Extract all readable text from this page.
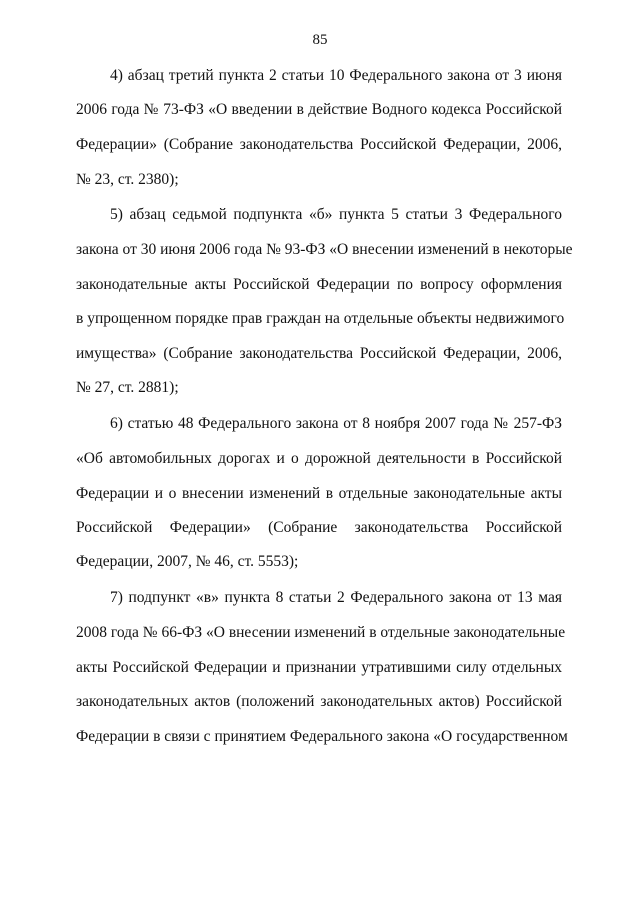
85
4) абзац третий пункта 2 статьи 10 Федерального закона от 3 июня
2006 года № 73-ФЗ «О введении в действие Водного кодекса Российской
Федерации» (Собрание законодательства Российской Федерации, 2006,
№ 23, ст. 2380);
5) абзац седьмой подпункта «б» пункта 5 статьи 3 Федерального
закона от 30 июня 2006 года № 93-ФЗ «О внесении изменений в некоторые
законодательные акты Российской Федерации по вопросу оформления
в упрощенном порядке прав граждан на отдельные объекты недвижимого
имущества» (Собрание законодательства Российской Федерации, 2006,
№ 27, ст. 2881);
6) статью 48 Федерального закона от 8 ноября 2007 года № 257-ФЗ
«Об автомобильных дорогах и о дорожной деятельности в Российской
Федерации и о внесении изменений в отдельные законодательные акты
Российской Федерации» (Собрание законодательства Российской
Федерации, 2007, № 46, ст. 5553);
7) подпункт «в» пункта 8 статьи 2 Федерального закона от 13 мая
2008 года № 66-ФЗ «О внесении изменений в отдельные законодательные
акты Российской Федерации и признании утратившими силу отдельных
законодательных актов (положений законодательных актов) Российской
Федерации в связи с принятием Федерального закона «О государственном
